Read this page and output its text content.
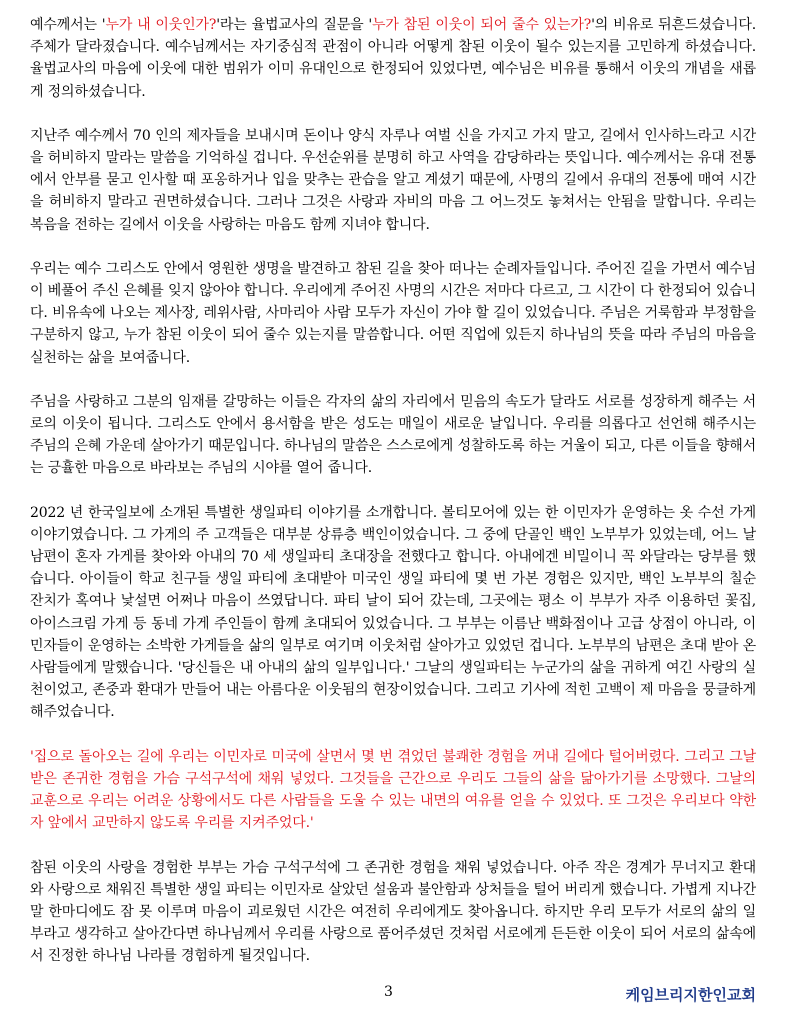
예수께서는 '누가 내 이웃인가?'라는 율법교사의 질문을 '누가 참된 이웃이 되어 줄수 있는가?'의 비유로 뒤흔드셨습니다. 주체가 달라졌습니다. 예수님께서는 자기중심적 관점이 아니라 어떻게 참된 이웃이 될수 있는지를 고민하게 하셨습니다. 율법교사의 마음에 이웃에 대한 범위가 이미 유대인으로 한정되어 있었다면, 예수님은 비유를 통해서 이웃의 개념을 새롭게 정의하셨습니다.

지난주 예수께서 70 인의 제자들을 보내시며 돈이나 양식 자루나 여벌 신을 가지고 가지 말고, 길에서 인사하느라고 시간을 허비하지 말라는 말씀을 기억하실 겁니다. 우선순위를 분명히 하고 사역을 감당하라는 뜻입니다. 예수께서는 유대 전통에서 안부를 묻고 인사할 때 포옹하거나 입을 맞추는 관습을 알고 계셨기 때문에, 사명의 길에서 유대의 전통에 매여 시간을 허비하지 말라고 권면하셨습니다. 그러나 그것은 사랑과 자비의 마음 그 어느것도 놓쳐서는 안됨을 말합니다. 우리는 복음을 전하는 길에서 이웃을 사랑하는 마음도 함께 지녀야 합니다.

우리는 예수 그리스도 안에서 영원한 생명을 발견하고 참된 길을 찾아 떠나는 순례자들입니다. 주어진 길을 가면서 예수님이 베풀어 주신 은혜를 잊지 않아야 합니다. 우리에게 주어진 사명의 시간은 저마다 다르고, 그 시간이 다 한정되어 있습니다. 비유속에 나오는 제사장, 레위사람, 사마리아 사람 모두가 자신이 가야 할 길이 있었습니다. 주님은 거룩함과 부정함을 구분하지 않고, 누가 참된 이웃이 되어 줄수 있는지를 말씀합니다. 어떤 직업에 있든지 하나님의 뜻을 따라 주님의 마음을 실천하는 삶을 보여줍니다.

주님을 사랑하고 그분의 임재를 갈망하는 이들은 각자의 삶의 자리에서 믿음의 속도가 달라도 서로를 성장하게 해주는 서로의 이웃이 됩니다. 그리스도 안에서 용서함을 받은 성도는 매일이 새로운 날입니다. 우리를 의롭다고 선언해 해주시는 주님의 은혜 가운데 살아가기 때문입니다. 하나님의 말씀은 스스로에게 성찰하도록 하는 거울이 되고, 다른 이들을 향해서는 긍휼한 마음으로 바라보는 주님의 시야를 열어 줍니다.

2022 년 한국일보에 소개된 특별한 생일파티 이야기를 소개합니다. 볼티모어에 있는 한 이민자가 운영하는 옷 수선 가게 이야기였습니다. 그 가게의 주 고객들은 대부분 상류층 백인이었습니다. 그 중에 단골인 백인 노부부가 있었는데, 어느 날 남편이 혼자 가게를 찾아와 아내의 70 세 생일파티 초대장을 전했다고 합니다. 아내에겐 비밀이니 꼭 와달라는 당부를 했습니다. 아이들이 학교 친구들 생일 파티에 초대받아 미국인 생일 파티에 몇 번 가본 경험은 있지만, 백인 노부부의 칠순 잔치가 혹여나 낯설면 어쩌나 마음이 쓰였답니다. 파티 날이 되어 갔는데, 그곳에는 평소 이 부부가 자주 이용하던 꽃집, 아이스크림 가게 등 동네 가게 주인들이 함께 초대되어 있었습니다. 그 부부는 이름난 백화점이나 고급 상점이 아니라, 이민자들이 운영하는 소박한 가게들을 삶의 일부로 여기며 이웃처럼 살아가고 있었던 겁니다. 노부부의 남편은 초대 받아 온 사람들에게 말했습니다. '당신들은 내 아내의 삶의 일부입니다.' 그날의 생일파티는 누군가의 삶을 귀하게 여긴 사랑의 실천이었고, 존중과 환대가 만들어 내는 아름다운 이웃됨의 현장이었습니다. 그리고 기사에 적힌 고백이 제 마음을 뭉클하게 해주었습니다.

'집으로 돌아오는 길에 우리는 이민자로 미국에 살면서 몇 번 겪었던 불쾌한 경험을 꺼내 길에다 털어버렸다. 그리고 그날 받은 존귀한 경험을 가슴 구석구석에 채워 넣었다. 그것들을 근간으로 우리도 그들의 삶을 닮아가기를 소망했다. 그날의 교훈으로 우리는 어려운 상황에서도 다른 사람들을 도울 수 있는 내면의 여유를 얻을 수 있었다. 또 그것은 우리보다 약한 자 앞에서 교만하지 않도록 우리를 지켜주었다.'

참된 이웃의 사랑을 경험한 부부는 가슴 구석구석에 그 존귀한 경험을 채워 넣었습니다. 아주 작은 경계가 무너지고 환대와 사랑으로 채워진 특별한 생일 파티는 이민자로 살았던 설움과 불안함과 상처들을 털어 버리게 했습니다. 가볍게 지나간 말 한마디에도 잠 못 이루며 마음이 괴로웠던 시간은 여전히 우리에게도 찾아옵니다. 하지만 우리 모두가 서로의 삶의 일부라고 생각하고 살아간다면 하나님께서 우리를 사랑으로 품어주셨던 것처럼 서로에게 든든한 이웃이 되어 서로의 삶속에서 진정한 하나님 나라를 경험하게 될것입니다.

3	케임브리지한인교회
